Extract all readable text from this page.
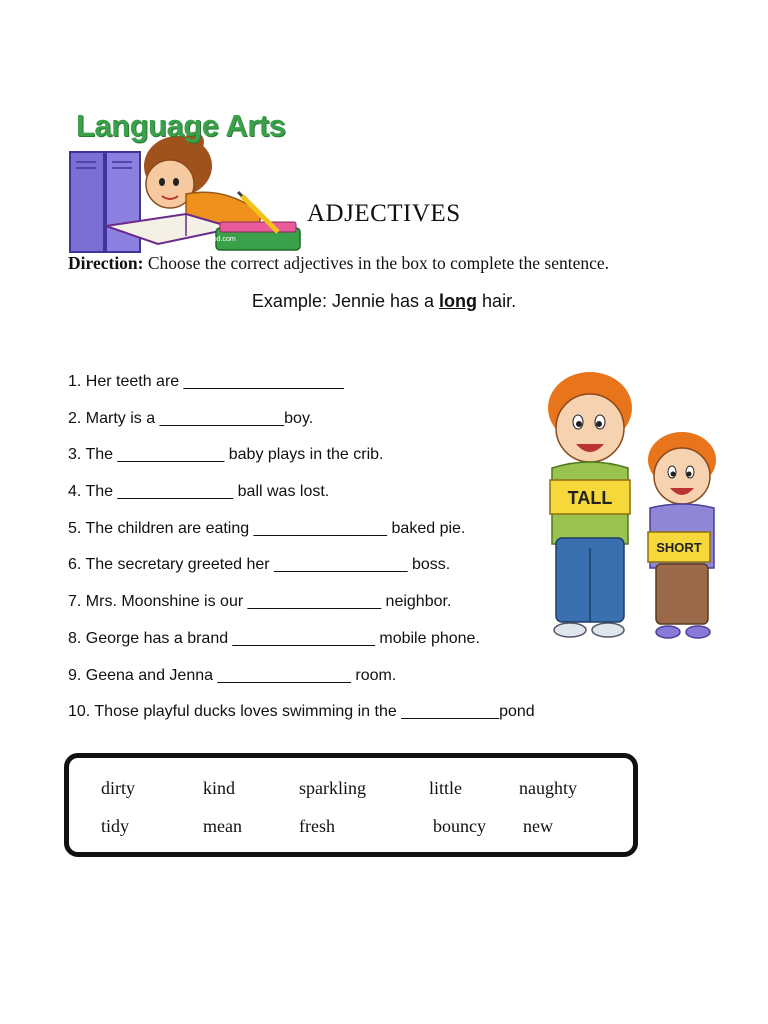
Language Arts
appd.com
ADJECTIVES
Direction: Choose the correct adjectives in the box to complete the sentence.
Example: Jennie has a long hair.
1. Her teeth are __________________
2. Marty is a ______________boy.
3. The ____________ baby plays in the crib.
4. The _____________ ball was lost.
5. The children are eating _______________ baked pie.
6. The secretary greeted her _______________ boss.
7. Mrs. Moonshine is our _______________ neighbor.
8. George has a brand ________________ mobile phone.
9. Geena and Jenna _______________ room.
10. Those playful ducks loves swimming in the ___________pond
TALL
SHORT
dirty	kind	sparkling	little	naughty
tidy	mean	fresh	bouncy new
